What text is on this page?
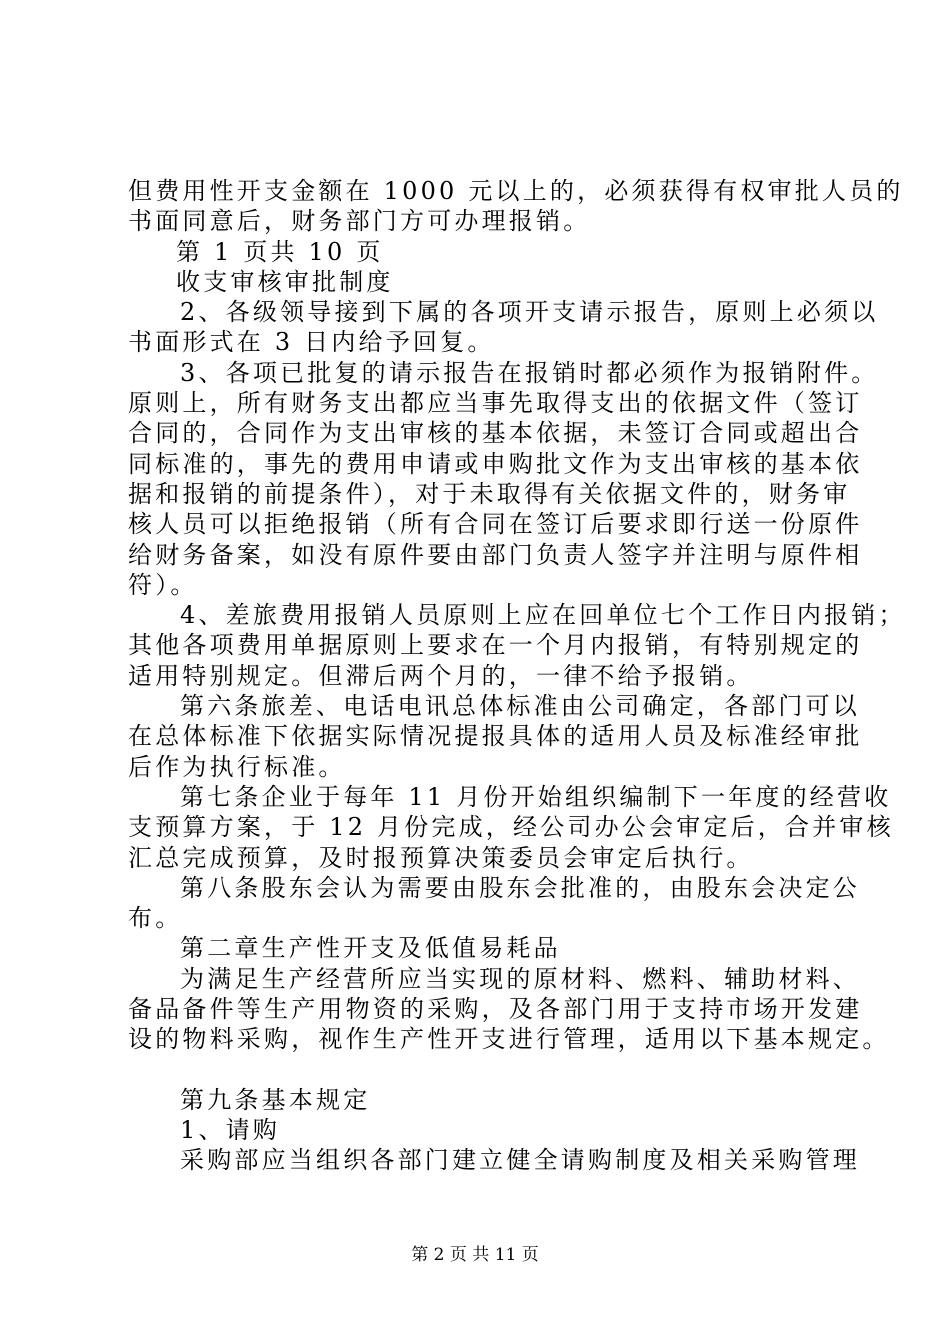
但费用性开支金额在 1000 元以上的，必须获得有权审批人员的
书面同意后，财务部门方可办理报销。
第 1 页共 10 页
收支审核审批制度
2、各级领导接到下属的各项开支请示报告，原则上必须以
书面形式在 3 日内给予回复。
3、各项已批复的请示报告在报销时都必须作为报销附件。
原则上，所有财务支出都应当事先取得支出的依据文件（签订
合同的，合同作为支出审核的基本依据，未签订合同或超出合
同标准的，事先的费用申请或申购批文作为支出审核的基本依
据和报销的前提条件），对于未取得有关依据文件的，财务审
核人员可以拒绝报销（所有合同在签订后要求即行送一份原件
给财务备案，如没有原件要由部门负责人签字并注明与原件相
符）。
4、差旅费用报销人员原则上应在回单位七个工作日内报销；
其他各项费用单据原则上要求在一个月内报销，有特别规定的
适用特别规定。但滞后两个月的，一律不给予报销。
第六条旅差、电话电讯总体标准由公司确定，各部门可以
在总体标准下依据实际情况提报具体的适用人员及标准经审批
后作为执行标准。
第七条企业于每年 11 月份开始组织编制下一年度的经营收
支预算方案，于 12 月份完成，经公司办公会审定后，合并审核
汇总完成预算，及时报预算决策委员会审定后执行。
第八条股东会认为需要由股东会批准的，由股东会决定公
布。
第二章生产性开支及低值易耗品
为满足生产经营所应当实现的原材料、燃料、辅助材料、
备品备件等生产用物资的采购，及各部门用于支持市场开发建
设的物料采购，视作生产性开支进行管理，适用以下基本规定。
第九条基本规定
1、请购
采购部应当组织各部门建立健全请购制度及相关采购管理
第 2 页 共 11 页
